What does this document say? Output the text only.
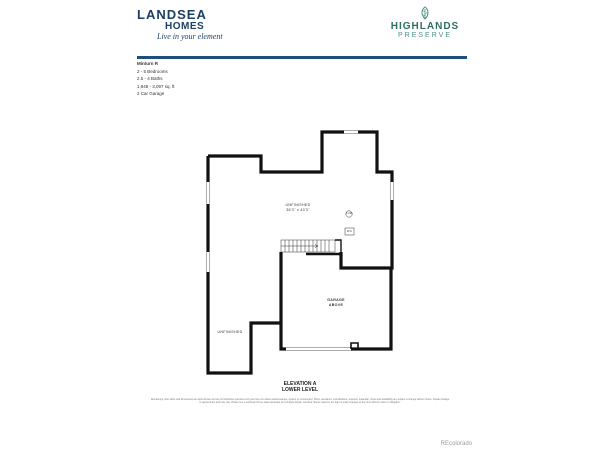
LANDSEA
HOMES
Live in your element
HIGHLANDS
PRESERVE
Minturn R
2 - 5 Bedrooms
2.5 - 4 Baths
1,948 - 3,097 sq. ft
2 Car Garage
UNFINISHED
36'3" x 43'3"
UNFINISHED
GARAGE
ABOVE
FUR
WH
ELEVATION A
LOWER LEVEL
Renderings, floor plans and dimensions are approximate and are for illustrative purposes only and may not reflect actual features, options or construction. Plans, elevations, specifications, features, materials, prices and availability are subject to change without notice. Square footage is approximate and may vary. Please see a Landsea Homes sales associate for complete details. Landsea Homes reserves the right to make changes at any time without notice or obligation.
REcolorado
